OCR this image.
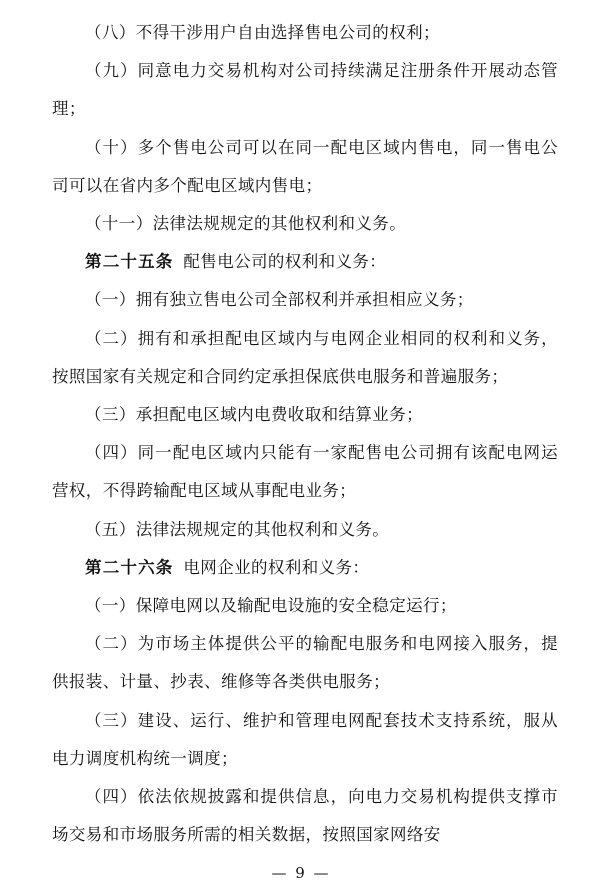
（八）不得干涉用户自由选择售电公司的权利；

（九）同意电力交易机构对公司持续满足注册条件开展动态管理；

（十）多个售电公司可以在同一配电区域内售电，同一售电公司可以在省内多个配电区域内售电；

（十一）法律法规规定的其他权利和义务。

第二十五条 配售电公司的权利和义务：

（一）拥有独立售电公司全部权利并承担相应义务；

（二）拥有和承担配电区域内与电网企业相同的权利和义务，按照国家有关规定和合同约定承担保底供电服务和普遍服务；

（三）承担配电区域内电费收取和结算业务；

（四）同一配电区域内只能有一家配售电公司拥有该配电网运营权，不得跨输配电区域从事配电业务；

（五）法律法规规定的其他权利和义务。

第二十六条 电网企业的权利和义务：

（一）保障电网以及输配电设施的安全稳定运行；

（二）为市场主体提供公平的输配电服务和电网接入服务，提供报装、计量、抄表、维修等各类供电服务；

（三）建设、运行、维护和管理电网配套技术支持系统，服从电力调度机构统一调度；

（四）依法依规披露和提供信息，向电力交易机构提供支撑市场交易和市场服务所需的相关数据，按照国家网络安

— 9 —
